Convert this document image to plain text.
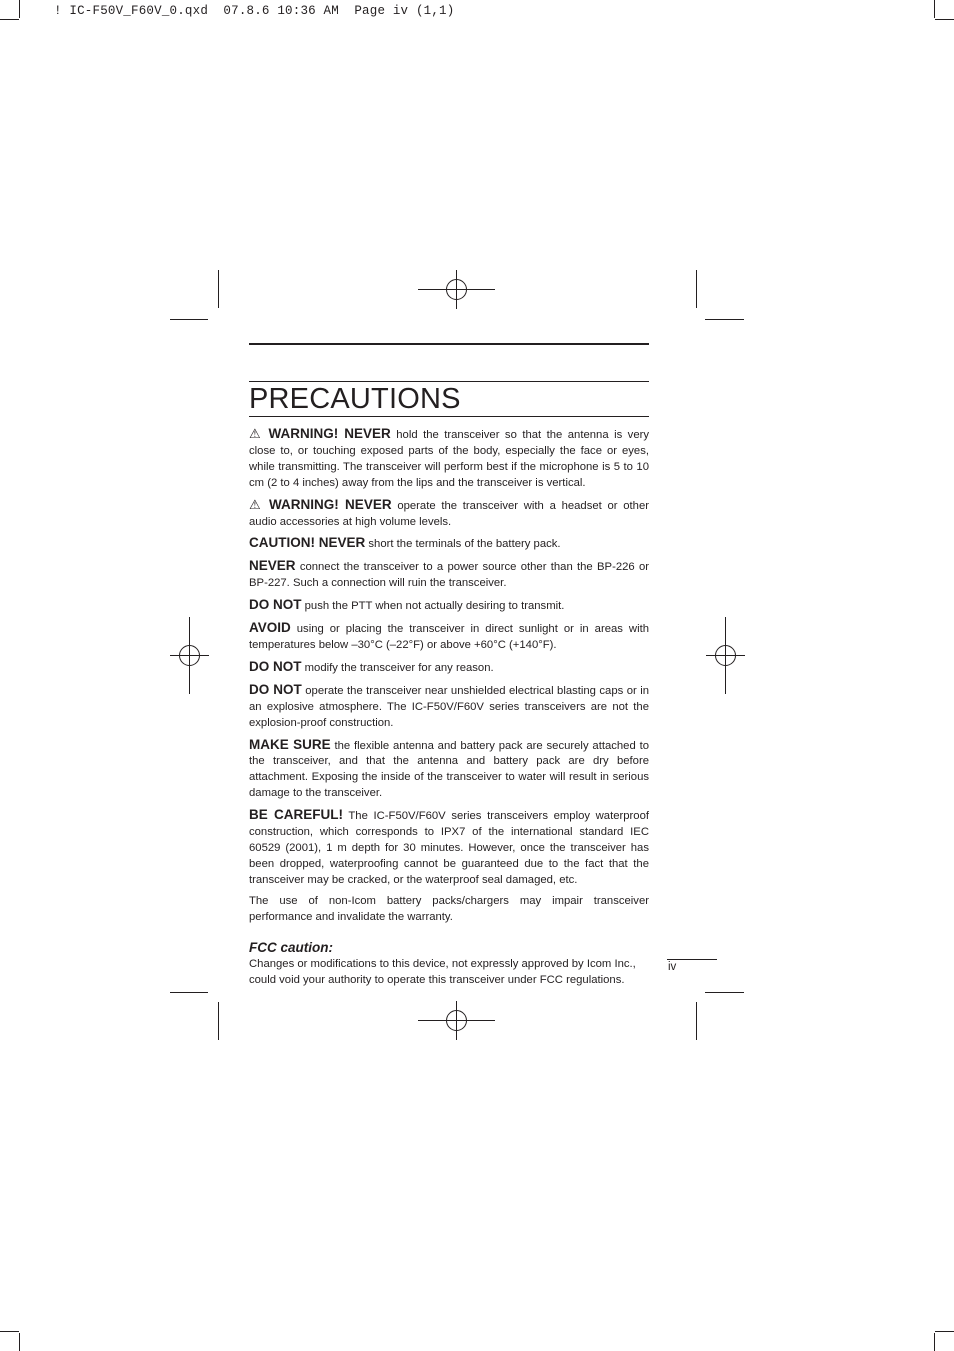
! IC-F50V_F60V_0.qxd  07.8.6 10:36 AM  Page iv (1,1)
PRECAUTIONS

⚠ WARNING! NEVER hold the transceiver so that the antenna is very close to, or touching exposed parts of the body, especially the face or eyes, while transmitting. The transceiver will perform best if the microphone is 5 to 10 cm (2 to 4 inches) away from the lips and the transceiver is vertical.

⚠ WARNING! NEVER operate the transceiver with a headset or other audio accessories at high volume levels.

CAUTION! NEVER short the terminals of the battery pack.

NEVER connect the transceiver to a power source other than the BP-226 or BP-227. Such a connection will ruin the transceiver.

DO NOT push the PTT when not actually desiring to transmit.

AVOID using or placing the transceiver in direct sunlight or in areas with temperatures below –30°C (–22°F) or above +60°C (+140°F).

DO NOT modify the transceiver for any reason.

DO NOT operate the transceiver near unshielded electrical blasting caps or in an explosive atmosphere. The IC-F50V/F60V series transceivers are not the explosion-proof construction.

MAKE SURE the flexible antenna and battery pack are securely attached to the transceiver, and that the antenna and battery pack are dry before attachment. Exposing the inside of the transceiver to water will result in serious damage to the transceiver.

BE CAREFUL! The IC-F50V/F60V series transceivers employ waterproof construction, which corresponds to IPX7 of the international standard IEC 60529 (2001), 1 m depth for 30 minutes. However, once the transceiver has been dropped, waterproofing cannot be guaranteed due to the fact that the transceiver may be cracked, or the waterproof seal damaged, etc.

The use of non-Icom battery packs/chargers may impair transceiver performance and invalidate the warranty.

FCC caution:

Changes or modifications to this device, not expressly approved by Icom Inc., could void your authority to operate this transceiver under FCC regulations.

iv
